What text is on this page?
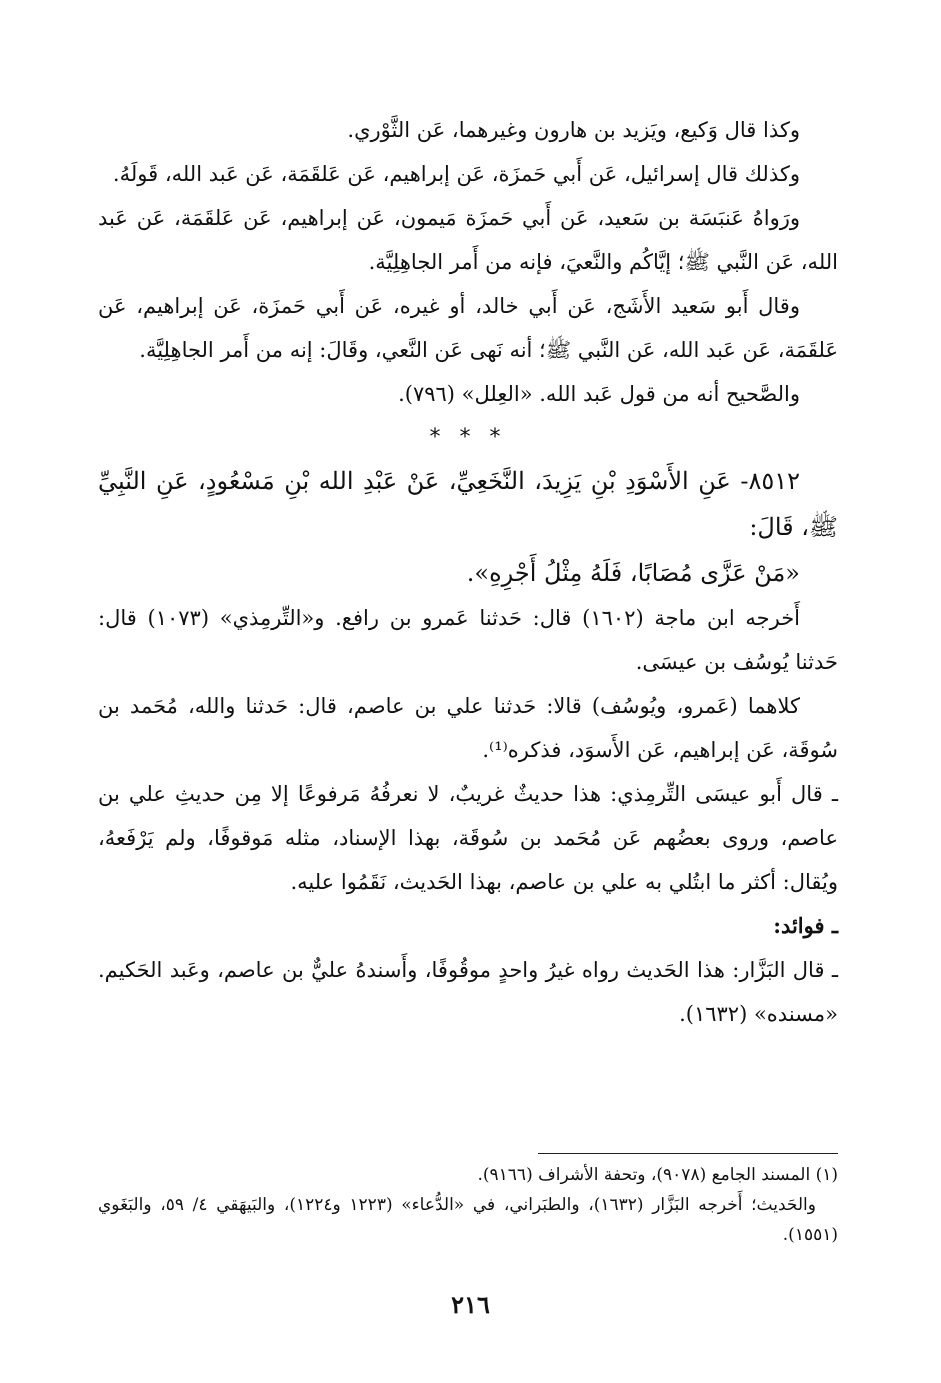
وكذا قال وَكيع، ويَزيد بن هارون وغيرهما، عَن الثَّوْري.

وكذلك قال إسرائيل، عَن أَبي حَمزَة، عَن إبراهيم، عَن عَلقَمَة، عَن عَبد الله، قَولَهُ.

ورَواهُ عَنبَسَة بن سَعيد، عَن أَبي حَمزَة مَيمون، عَن إبراهيم، عَن عَلقَمَة، عَن عَبد الله، عَن النَّبي ﷺ؛ إيَّاكُم والنَّعيَ، فإنه من أَمر الجاهِلِيَّة.

وقال أَبو سَعيد الأَشَج، عَن أَبي خالد، أو غيره، عَن أَبي حَمزَة، عَن إبراهيم، عَن عَلقَمَة، عَن عَبد الله، عَن النَّبي ﷺ؛ أنه نَهى عَن النَّعي، وقَالَ: إنه من أَمر الجاهِلِيَّة.

والصَّحيح أنه من قول عَبد الله. «العِلل» (٧٩٦).

* * *

٨٥١٢- عَنِ الأَسْوَدِ بْنِ يَزِيدَ، النَّخَعِيِّ، عَنْ عَبْدِ الله بْنِ مَسْعُودٍ، عَنِ النَّبِيِّ ﷺ، قَالَ:

«مَنْ عَزَّى مُصَابًا، فَلَهُ مِثْلُ أَجْرِهِ».

أَخرجه ابن ماجة (١٦٠٢) قال: حَدثنا عَمرو بن رافع. و«التِّرمِذي» (١٠٧٣) قال: حَدثنا يُوسُف بن عيسَى.

كلاهما (عَمرو، ويُوسُف) قالا: حَدثنا علي بن عاصم، قال: حَدثنا والله، مُحَمد بن سُوقَة، عَن إبراهيم، عَن الأَسوَد، فذكره⁽¹⁾.

ـ قال أَبو عيسَى التِّرمِذي: هذا حديثٌ غريبٌ، لا نعرفُهُ مَرفوعًا إلا مِن حديثِ علي بن عاصم، وروى بعضُهم عَن مُحَمد بن سُوقَة، بهذا الإسناد، مثله مَوقوفًا، ولم يَرْفَعهُ، ويُقال: أكثر ما ابتُلي به علي بن عاصم، بهذا الحَديث، نَقَمُوا عليه.

ـ فوائد:

ـ قال البَزَّار: هذا الحَديث رواه غيرُ واحدٍ موقُوفًا، وأَسندهُ عليٌّ بن عاصم، وعَبد الحَكيم. «مسنده» (١٦٣٢).

(١) المسند الجامع (٩٠٧٨)، وتحفة الأشراف (٩١٦٦).

والحَديث؛ أَخرجه البَزَّار (١٦٣٢)، والطبَراني، في «الدُّعاء» (١٢٢٣ و١٢٢٤)، والبَيهَقي ٤/ ٥٩، والبَغَوي (١٥٥١).

٢١٦
